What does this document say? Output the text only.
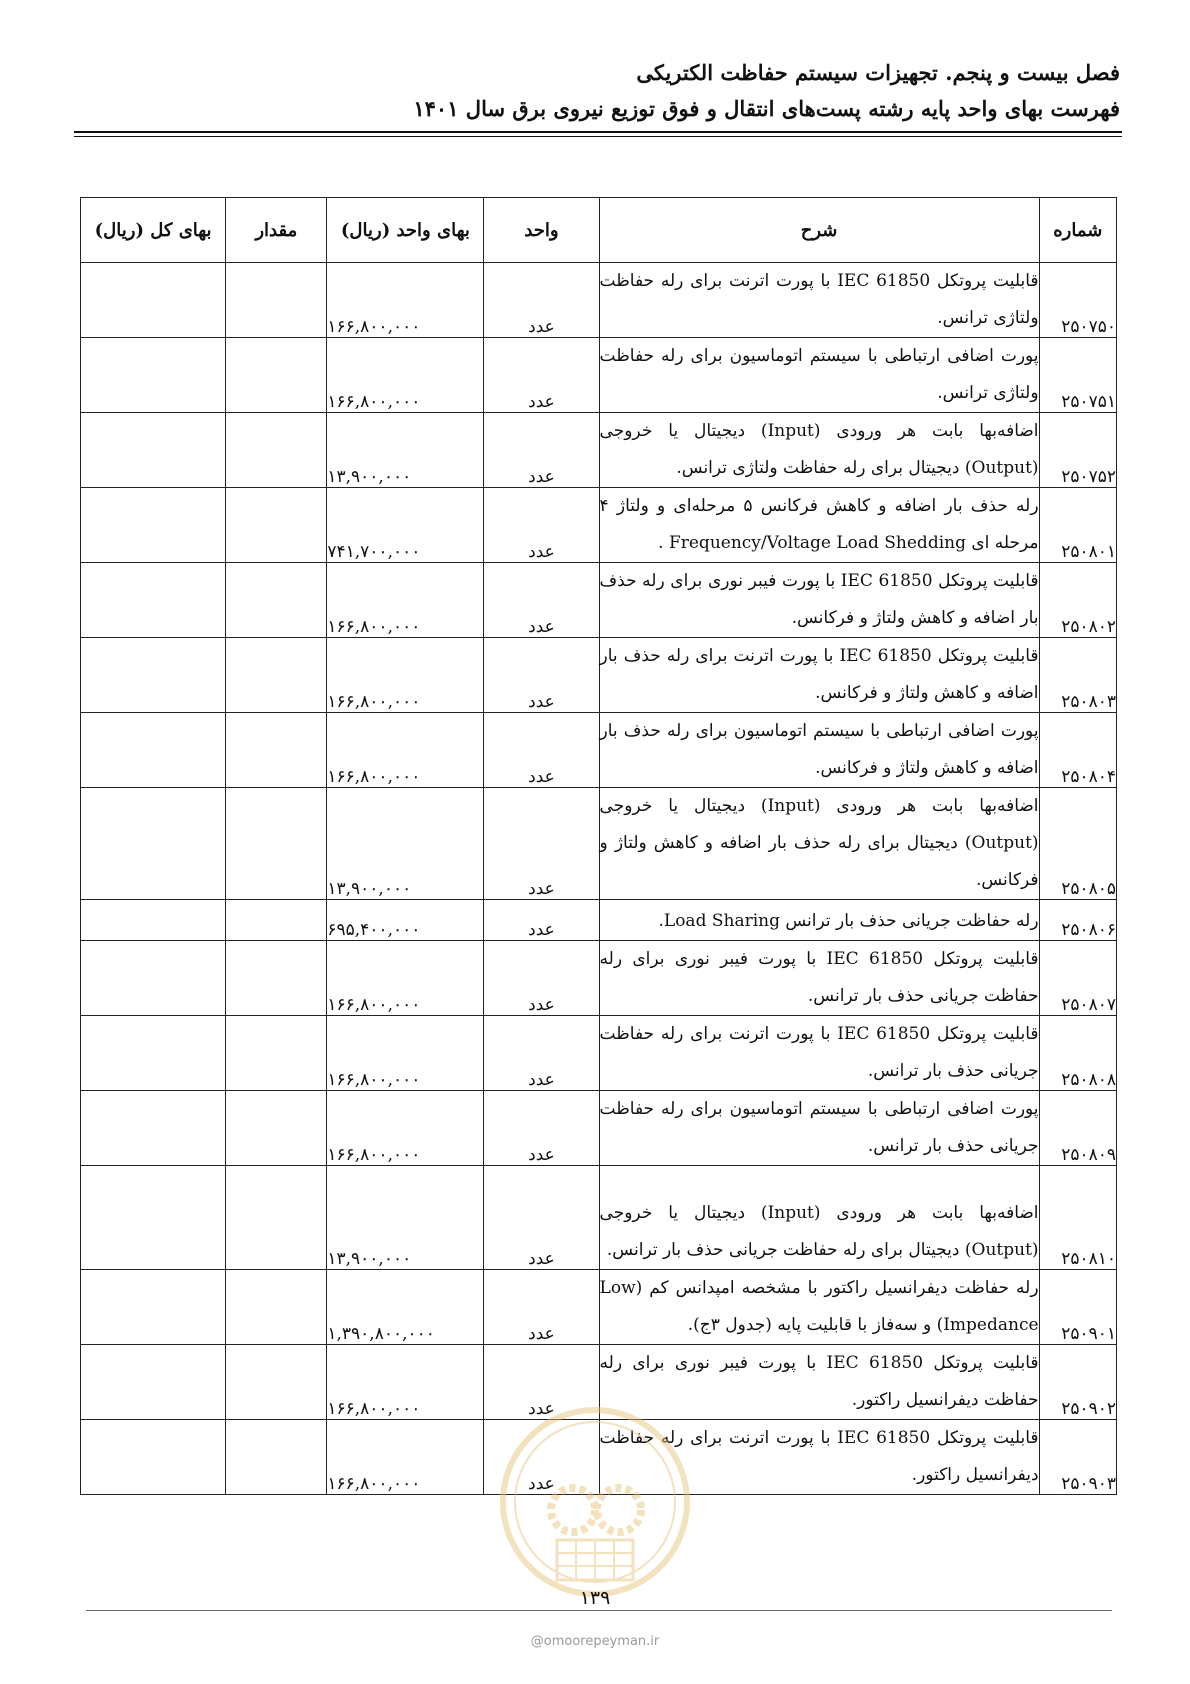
فصل بیست و پنجم. تجهیزات سیستم حفاظت الکتریکی
فهرست بهای واحد پایه رشته پست‌های انتقال و فوق توزیع نیروی برق سال ۱۴۰۱
شماره	شرح	واحد	بهای واحد (ریال)	مقدار	بهای کل (ریال)
۲۵۰۷۵۰	قابلیت پروتکل IEC 61850 با پورت اترنت برای رله حفاظت ولتاژی ترانس.	عدد	۱۶۶,۸۰۰,۰۰۰		
۲۵۰۷۵۱	پورت اضافی ارتباطی با سیستم اتوماسیون برای رله حفاظت ولتاژی ترانس.	عدد	۱۶۶,۸۰۰,۰۰۰		
۲۵۰۷۵۲	اضافه‌بها بابت هر ورودی (Input) دیجیتال یا خروجی (Output) دیجیتال برای رله حفاظت ولتاژی ترانس.	عدد	۱۳,۹۰۰,۰۰۰		
۲۵۰۸۰۱	رله حذف بار اضافه و کاهش فرکانس ۵ مرحله‌ای و ولتاژ ۴ مرحله ای Frequency/Voltage Load Shedding .	عدد	۷۴۱,۷۰۰,۰۰۰		
۲۵۰۸۰۲	قابلیت پروتکل IEC 61850 با پورت فیبر نوری برای رله حذف بار اضافه و کاهش ولتاژ و فرکانس.	عدد	۱۶۶,۸۰۰,۰۰۰		
۲۵۰۸۰۳	قابلیت پروتکل IEC 61850 با پورت اترنت برای رله حذف بار اضافه و کاهش ولتاژ و فرکانس.	عدد	۱۶۶,۸۰۰,۰۰۰		
۲۵۰۸۰۴	پورت اضافی ارتباطی با سیستم اتوماسیون برای رله حذف بار اضافه و کاهش ولتاژ و فرکانس.	عدد	۱۶۶,۸۰۰,۰۰۰		
۲۵۰۸۰۵	اضافه‌بها بابت هر ورودی (Input) دیجیتال یا خروجی (Output) دیجیتال برای رله حذف بار اضافه و کاهش ولتاژ و فرکانس.	عدد	۱۳,۹۰۰,۰۰۰		
۲۵۰۸۰۶	رله حفاظت جریانی حذف بار ترانس Load Sharing.	عدد	۶۹۵,۴۰۰,۰۰۰		
۲۵۰۸۰۷	قابلیت پروتکل IEC 61850 با پورت فیبر نوری برای رله حفاظت جریانی حذف بار ترانس.	عدد	۱۶۶,۸۰۰,۰۰۰		
۲۵۰۸۰۸	قابلیت پروتکل IEC 61850 با پورت اترنت برای رله حفاظت جریانی حذف بار ترانس.	عدد	۱۶۶,۸۰۰,۰۰۰		
۲۵۰۸۰۹	پورت اضافی ارتباطی با سیستم اتوماسیون برای رله حفاظت جریانی حذف بار ترانس.	عدد	۱۶۶,۸۰۰,۰۰۰		
۲۵۰۸۱۰	اضافه‌بها بابت هر ورودی (Input) دیجیتال یا خروجی (Output) دیجیتال برای رله حفاظت جریانی حذف بار ترانس.	عدد	۱۳,۹۰۰,۰۰۰		
۲۵۰۹۰۱	رله حفاظت دیفرانسیل راکتور با مشخصه امپدانس کم (Low Impedance) و سه‌فاز با قابلیت پایه (جدول ۳ج).	عدد	۱,۳۹۰,۸۰۰,۰۰۰		
۲۵۰۹۰۲	قابلیت پروتکل IEC 61850 با پورت فیبر نوری برای رله حفاظت دیفرانسیل راکتور.	عدد	۱۶۶,۸۰۰,۰۰۰		
۲۵۰۹۰۳	قابلیت پروتکل IEC 61850 با پورت اترنت برای رله حفاظت دیفرانسیل راکتور.	عدد	۱۶۶,۸۰۰,۰۰۰		
۱۳۹
@omoorepeyman.ir
